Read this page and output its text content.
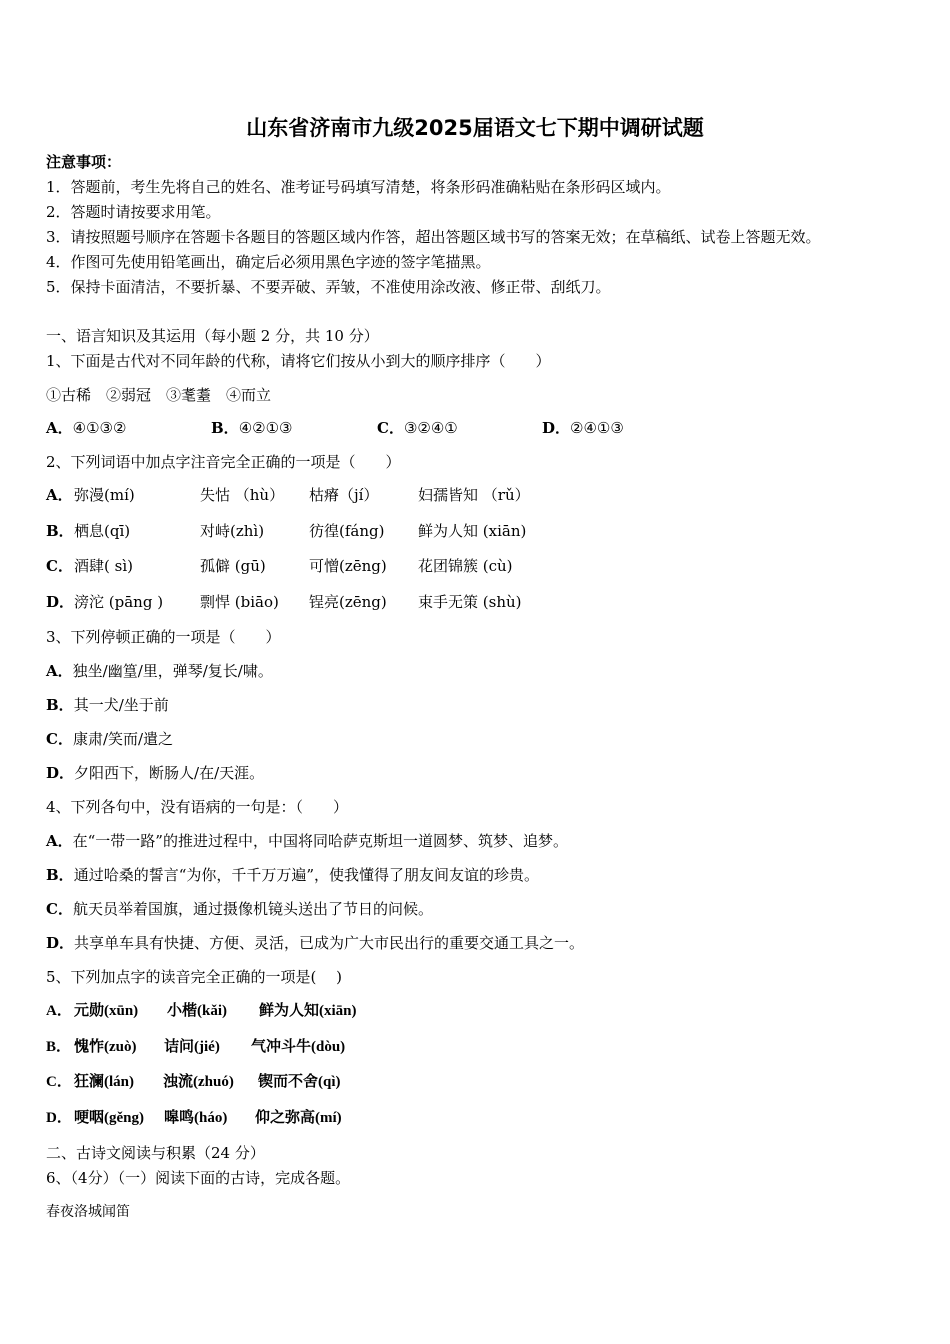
山东省济南市九级2025届语文七下期中调研试题
注意事项：
1．答题前，考生先将自己的姓名、准考证号码填写清楚，将条形码准确粘贴在条形码区域内。
2．答题时请按要求用笔。
3．请按照题号顺序在答题卡各题目的答题区域内作答，超出答题区域书写的答案无效；在草稿纸、试卷上答题无效。
4．作图可先使用铅笔画出，确定后必须用黑色字迹的签字笔描黑。
5．保持卡面清洁，不要折暴、不要弄破、弄皱，不准使用涂改液、修正带、刮纸刀。
一、语言知识及其运用（每小题 2 分，共 10 分）
1、下面是古代对不同年龄的代称，请将它们按从小到大的顺序排序（　　）
①古稀　②弱冠　③耄耋　④而立
A．④①③②	B．④②①③	C．③②④①	D．②④①③
2、下列词语中加点字注音完全正确的一项是（　　）
A． 弥漫(mí)	失怙 （hù） 枯瘠（jí）	妇孺皆知 （rǔ）
B． 栖息(qī)	对峙(zhì)	彷徨(fáng) 鲜为人知 (xiān)
C． 酒肆( sì)	孤僻 (gū)	可憎(zēng) 花团锦簇 (cù)
D． 滂沱 (pāng ) 剽悍 (biāo) 锃亮(zēng) 束手无策 (shù)
3、下列停顿正确的一项是（　　）
A．独坐/幽篁/里，弹琴/复长/啸。
B．其一犬/坐于前
C．康肃/笑而/遣之
D．夕阳西下，断肠人/在/天涯。
4、下列各句中，没有语病的一句是：（　　）
A．在“一带一路”的推进过程中，中国将同哈萨克斯坦一道圆梦、筑梦、追梦。
B．通过哈桑的誓言“为你，千千万万遍”，使我懂得了朋友间友谊的珍贵。
C．航天员举着国旗，通过摄像机镜头送出了节日的问候。
D．共享单车具有快捷、方便、灵活，已成为广大市民出行的重要交通工具之一。
5、下列加点字的读音完全正确的一项是(　 )
A． 元勋(xūn) 小楷(kǎi) 鲜为人知(xiān)
B． 愧怍(zuò) 诘问(jié) 气冲斗牛(dòu)
C． 狂澜(lán) 浊流(zhuó) 锲而不舍(qì)
D． 哽咽(gěng) 嗥鸣(háo) 仰之弥高(mí)
二、古诗文阅读与积累（24 分）
6、（4分）（一）阅读下面的古诗，完成各题。
春夜洛城闻笛
